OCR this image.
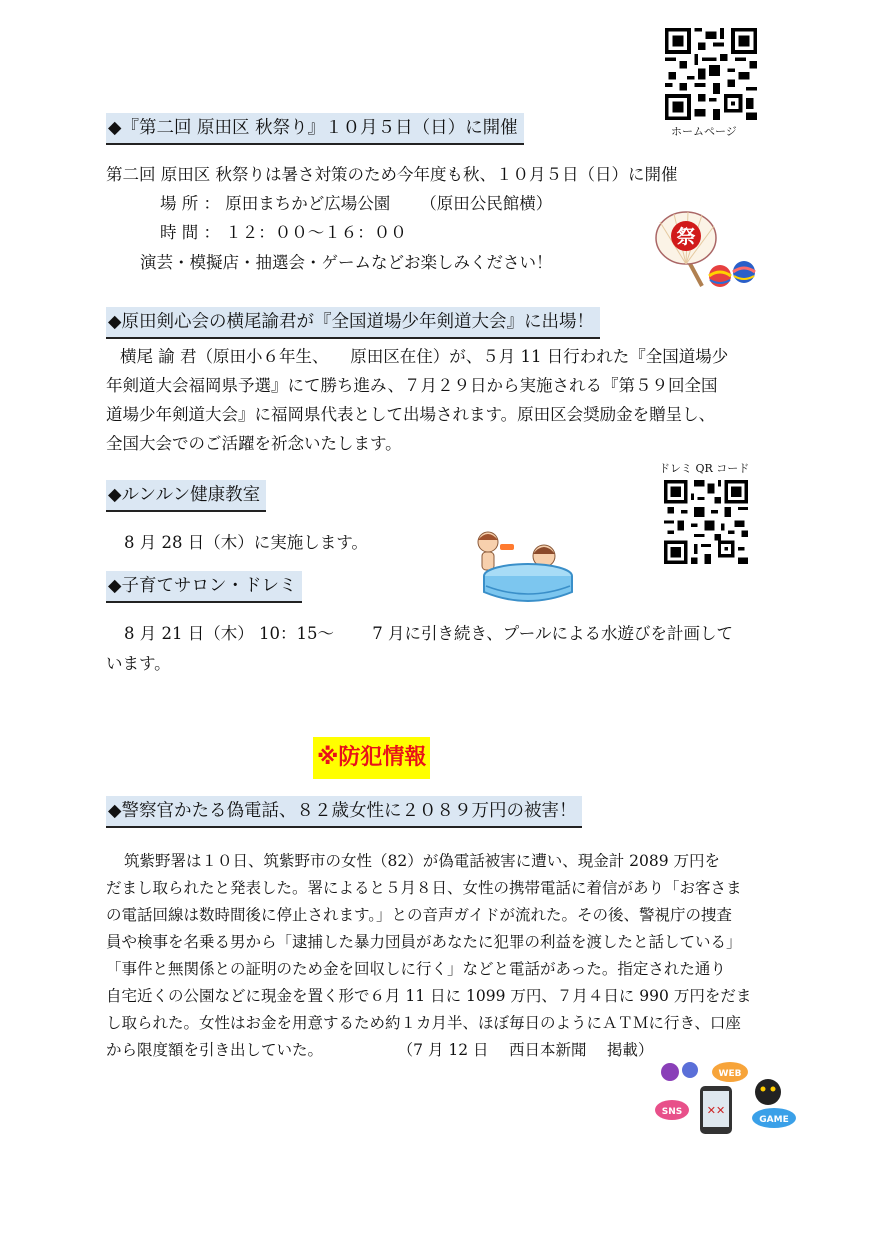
ホームページ
◆『第二回 原田区 秋祭り』１０月５日（日）に開催
第二回 原田区 秋祭りは暑さ対策のため今年度も秋、１０月５日（日）に開催
場 所 ： 原田まちかど広場公園 　　（原田公民館横）
時 間 ： １２：００～１６：００
演芸・模擬店・抽選会・ゲームなどお楽しみください！
祭
◆原田剣心会の横尾諭君が『全国道場少年剣道大会』に出場！
横尾 諭 君（原田小６年生、 　原田区在住）が、５月 11 日行われた『全国道場少
年剣道大会福岡県予選』にて勝ち進み、７月２９日から実施される『第５９回全国
道場少年剣道大会』に福岡県代表として出場されます。原田区会奨励金を贈呈し、
全国大会でのご活躍を祈念いたします。
ドレミ QR コード
◆ルンルン健康教室
8 月 28 日（木）に実施します。
◆子育てサロン・ドレミ
8 月 21 日（木） 10：15～ 　　7 月に引き続き、プールによる水遊びを計画して
います。
※防犯情報
◆警察官かたる偽電話、８２歳女性に２０８９万円の被害！
筑紫野署は１０日、筑紫野市の女性（82）が偽電話被害に遭い、現金計 2089 万円を
だまし取られたと発表した。署によると５月８日、女性の携帯電話に着信があり「お客さま
の電話回線は数時間後に停止されます。」との音声ガイドが流れた。その後、警視庁の捜査
員や検事を名乗る男から「逮捕した暴力団員があなたに犯罪の利益を渡したと話している」
「事件と無関係との証明のため金を回収しに行く」などと電話があった。指定された通り
自宅近くの公園などに現金を置く形で６月 11 日に 1099 万円、７月４日に 990 万円をだま
し取られた。女性はお金を用意するため約１カ月半、ほぼ毎日のようにＡＴＭに行き、口座
から限度額を引き出していた。 　　　　　（7 月 12 日 　西日本新聞 　掲載）
WEB
SNS ✕✕
GAME
